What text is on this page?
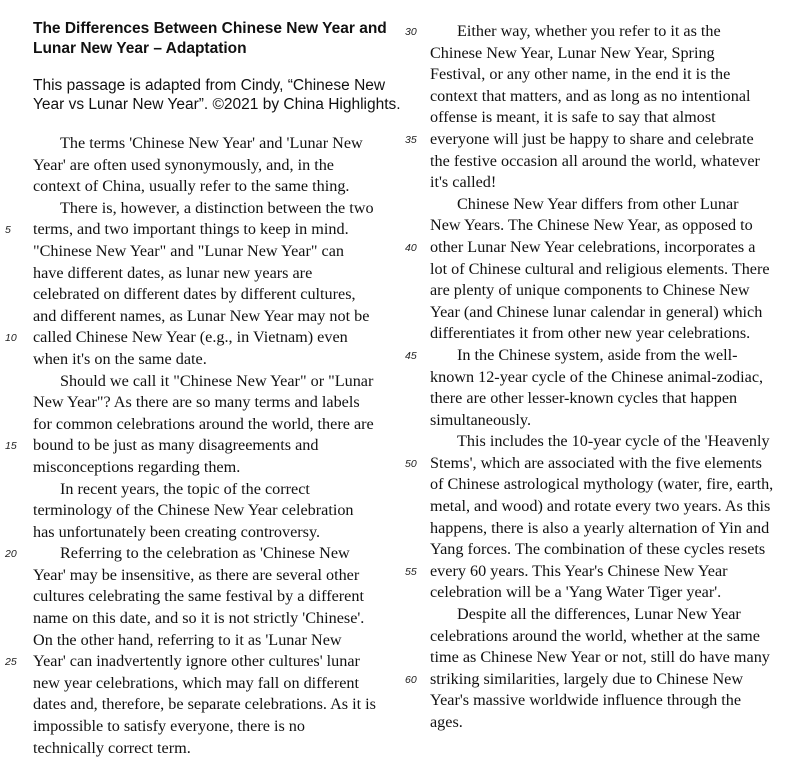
The Differences Between Chinese New Year and Lunar New Year – Adaptation

This passage is adapted from Cindy, “Chinese New Year vs Lunar New Year”. ©2021 by China Highlights.

The terms 'Chinese New Year' and 'Lunar New
Year' are often used synonymously, and, in the
context of China, usually refer to the same thing.
There is, however, a distinction between the two
5 terms, and two important things to keep in mind.
"Chinese New Year" and "Lunar New Year" can
have different dates, as lunar new years are
celebrated on different dates by different cultures,
and different names, as Lunar New Year may not be
10 called Chinese New Year (e.g., in Vietnam) even
when it's on the same date.
Should we call it "Chinese New Year" or "Lunar
New Year"? As there are so many terms and labels
for common celebrations around the world, there are
15 bound to be just as many disagreements and
misconceptions regarding them.
In recent years, the topic of the correct
terminology of the Chinese New Year celebration
has unfortunately been creating controversy.
20	Referring to the celebration as 'Chinese New
Year' may be insensitive, as there are several other
cultures celebrating the same festival by a different
name on this date, and so it is not strictly 'Chinese'.
On the other hand, referring to it as 'Lunar New
25 Year' can inadvertently ignore other cultures' lunar
new year celebrations, which may fall on different
dates and, therefore, be separate celebrations. As it is
impossible to satisfy everyone, there is no
technically correct term.
30	Either way, whether you refer to it as the
Chinese New Year, Lunar New Year, Spring
Festival, or any other name, in the end it is the
context that matters, and as long as no intentional
offense is meant, it is safe to say that almost
35 everyone will just be happy to share and celebrate
the festive occasion all around the world, whatever
it's called!
Chinese New Year differs from other Lunar
New Years. The Chinese New Year, as opposed to
40 other Lunar New Year celebrations, incorporates a
lot of Chinese cultural and religious elements. There
are plenty of unique components to Chinese New
Year (and Chinese lunar calendar in general) which
differentiates it from other new year celebrations.
45	In the Chinese system, aside from the well-
known 12-year cycle of the Chinese animal-zodiac,
there are other lesser-known cycles that happen
simultaneously.
This includes the 10-year cycle of the 'Heavenly
50 Stems', which are associated with the five elements
of Chinese astrological mythology (water, fire, earth,
metal, and wood) and rotate every two years. As this
happens, there is also a yearly alternation of Yin and
Yang forces. The combination of these cycles resets
55 every 60 years. This Year's Chinese New Year
celebration will be a 'Yang Water Tiger year'.
Despite all the differences, Lunar New Year
celebrations around the world, whether at the same
time as Chinese New Year or not, still do have many
60 striking similarities, largely due to Chinese New
Year's massive worldwide influence through the
ages.
